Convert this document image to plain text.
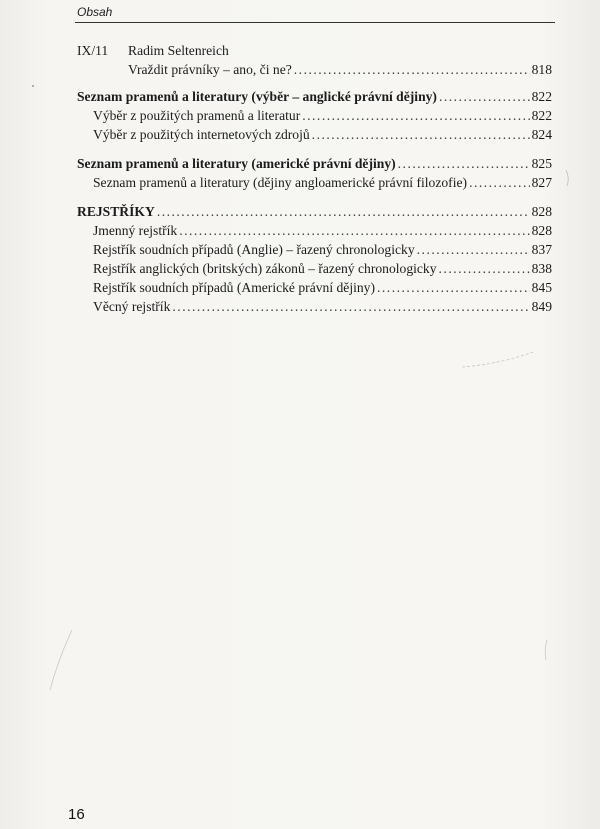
Obsah
IX/11 Radim Seltenreich
Vraždit právníky – ano, či ne? .....	818
Seznam pramenů a literatury (výběr – anglické právní dějiny) .....	822
Výběr z použitých pramenů a literatur .....	822
Výběr z použitých internetových zdrojů .....	824
Seznam pramenů a literatury (americké právní dějiny) .....	825
Seznam pramenů a literatury (dějiny angloamerické právní filozofie) .....	827
REJSTŘÍKY .....	828
Jmenný rejstřík .....	828
Rejstřík soudních případů (Anglie) – řazený chronologicky .....	837
Rejstřík anglických (britských) zákonů – řazený chronologicky .....	838
Rejstřík soudních případů (Americké právní dějiny) .....	845
Věcný rejstřík .....	849
16
